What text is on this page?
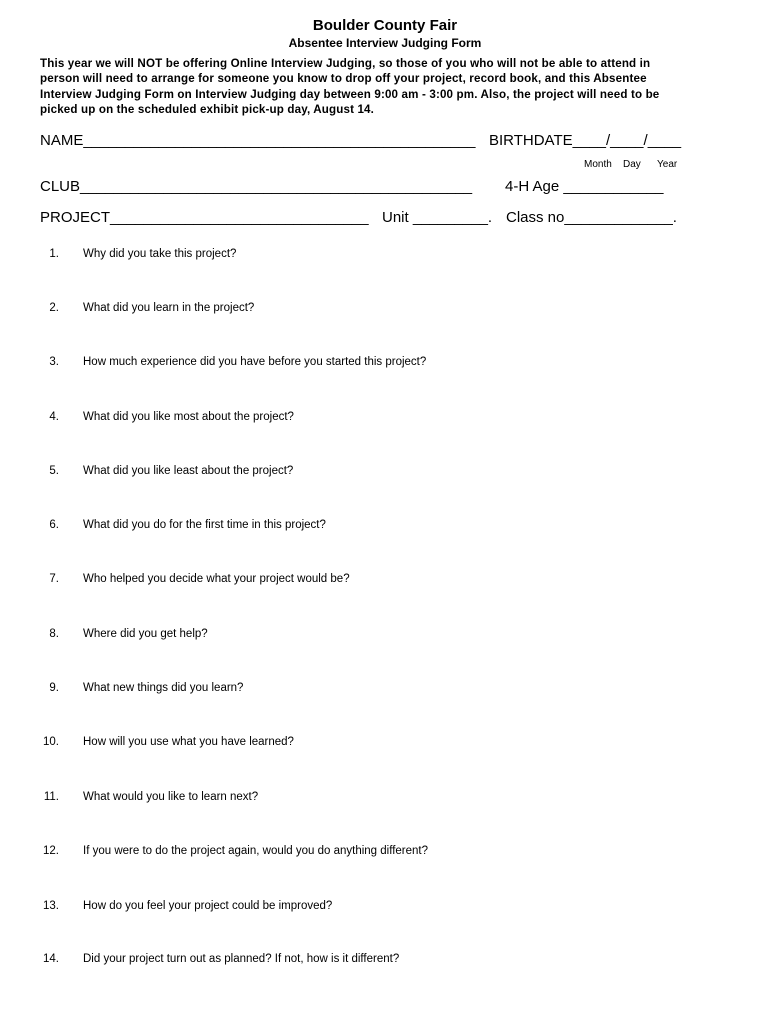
Boulder County Fair
Absentee Interview Judging Form
This year we will NOT be offering Online Interview Judging, so those of you who will not be able to attend in
person will need to arrange for someone you know to drop off your project, record book, and this Absentee
Interview Judging Form on Interview Judging day between 9:00 am - 3:00 pm. Also, the project will need to be
picked up on the scheduled exhibit pick-up day, August 14.
NAME_______________________________________________ BIRTHDATE____/____/____
Month Day Year
CLUB_______________________________________________ 4-H Age ____________
PROJECT_______________________________ Unit _________. Class no_____________.
1. Why did you take this project?
2. What did you learn in the project?
3. How much experience did you have before you started this project?
4. What did you like most about the project?
5. What did you like least about the project?
6. What did you do for the first time in this project?
7. Who helped you decide what your project would be?
8. Where did you get help?
9. What new things did you learn?
10. How will you use what you have learned?
11. What would you like to learn next?
12. If you were to do the project again, would you do anything different?
13. How do you feel your project could be improved?
14. Did your project turn out as planned? If not, how is it different?
